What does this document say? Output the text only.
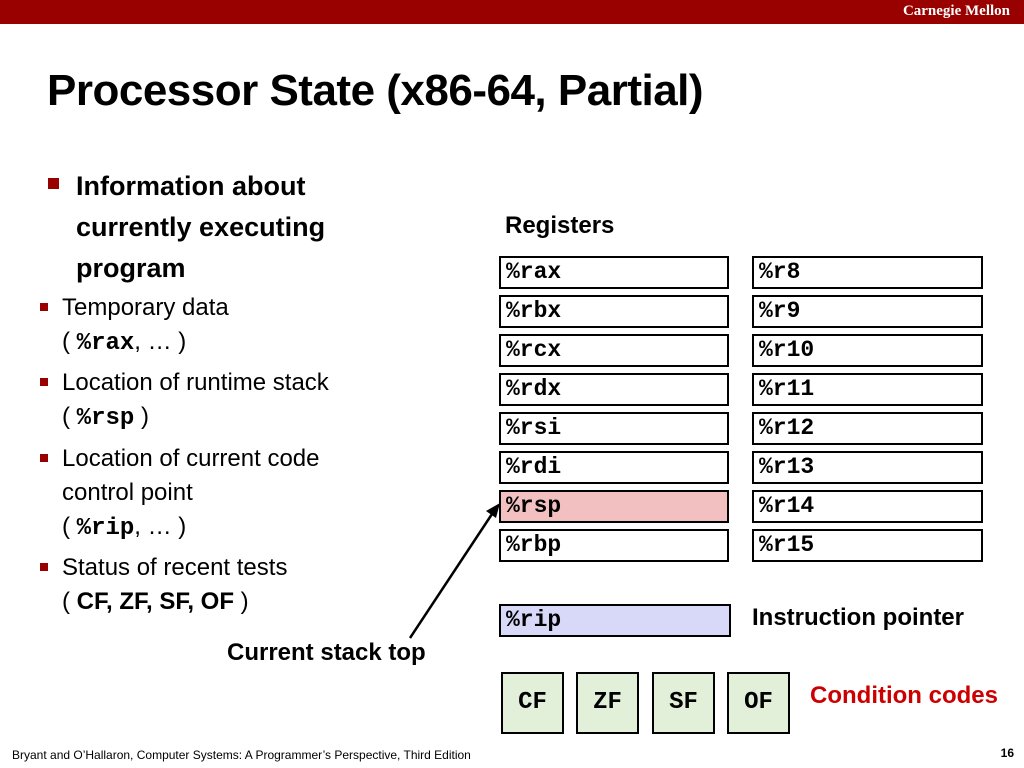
Carnegie Mellon
Processor State (x86-64, Partial)
Information about currently executing program
Temporary data
( %rax, … )
Location of runtime stack
( %rsp )
Location of current code control point
( %rip, … )
Status of recent tests
( CF, ZF, SF, OF )
Registers
%rax
%rbx
%rcx
%rdx
%rsi
%rdi
%rsp
%rbp
%r8
%r9
%r10
%r11
%r12
%r13
%r14
%r15
%rip	Instruction pointer
CF	ZF	SF	OF	Condition codes
Current stack top
Bryant and O’Hallaron, Computer Systems: A Programmer’s Perspective, Third Edition	16
